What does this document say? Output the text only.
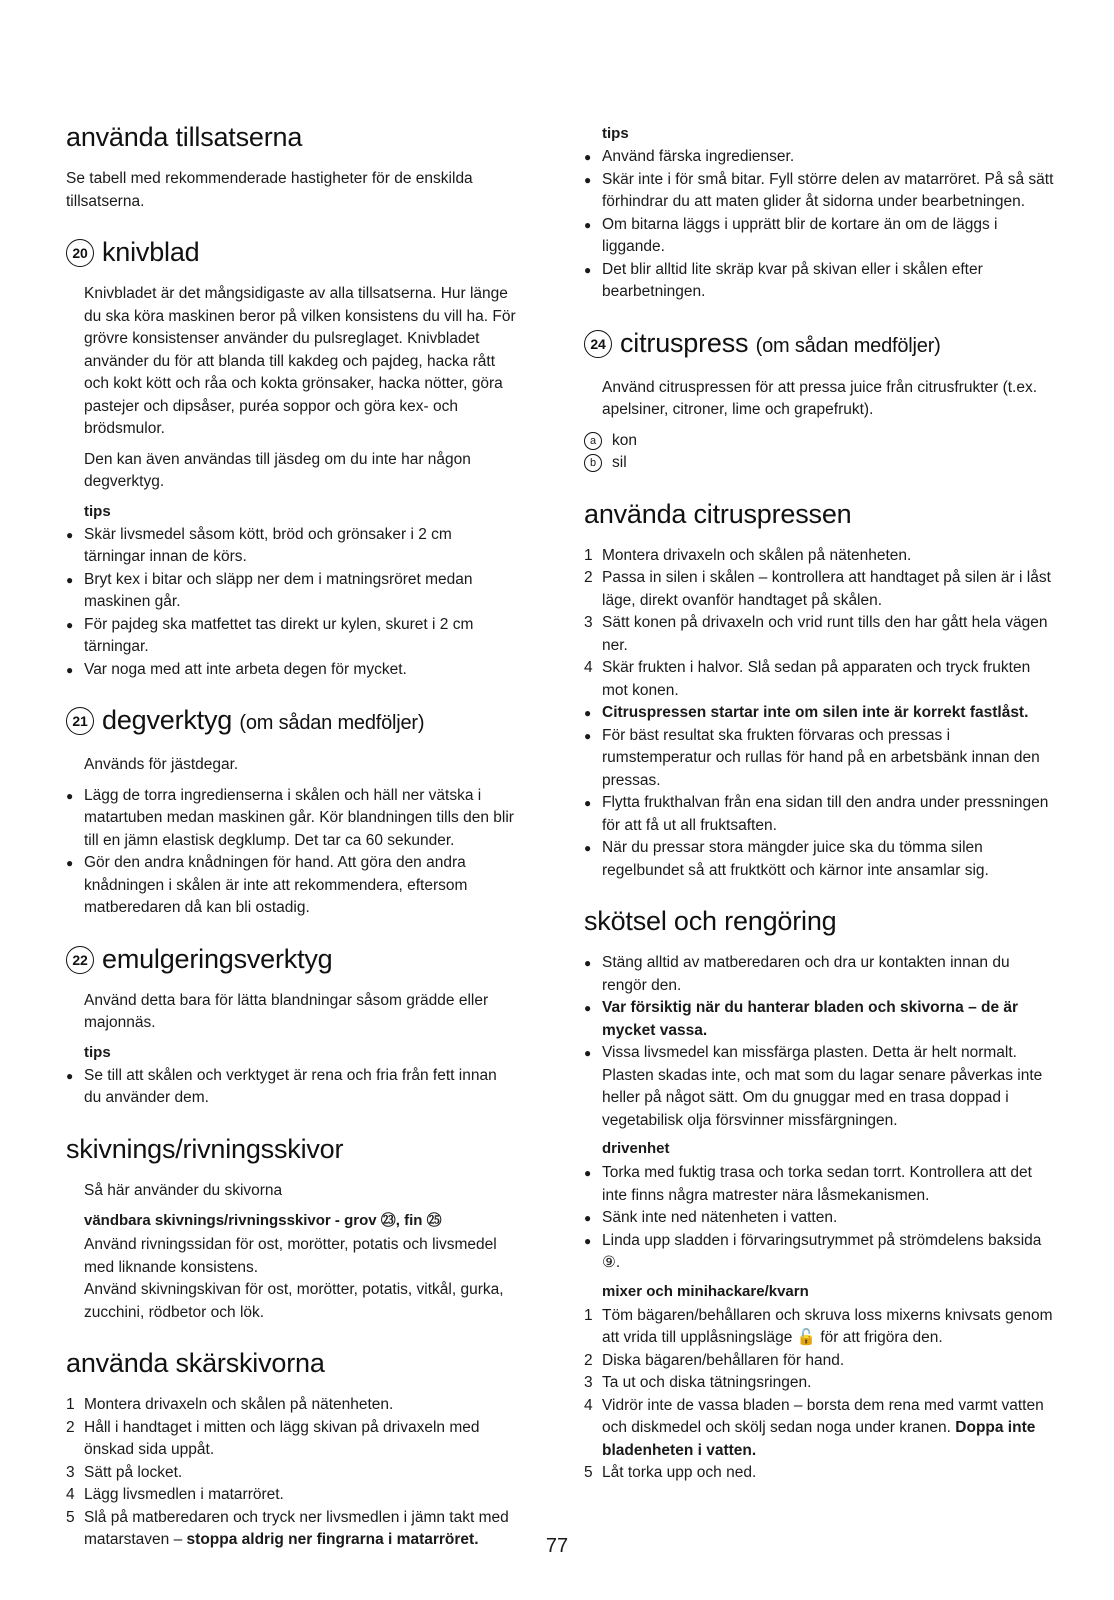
använda tillsatserna

Se tabell med rekommenderade hastigheter för de enskilda tillsatserna.

20 knivblad

Knivbladet är det mångsidigaste av alla tillsatserna. Hur länge du ska köra maskinen beror på vilken konsistens du vill ha. För grövre konsistenser använder du pulsreglaget. Knivbladet använder du för att blanda till kakdeg och pajdeg, hacka rått och kokt kött och råa och kokta grönsaker, hacka nötter, göra pastejer och dipsåser, puréa soppor och göra kex- och brödsmulor.

Den kan även användas till jäsdeg om du inte har någon degverktyg.

tips
● Skär livsmedel såsom kött, bröd och grönsaker i 2 cm tärningar innan de körs.
● Bryt kex i bitar och släpp ner dem i matningsröret medan maskinen går.
● För pajdeg ska matfettet tas direkt ur kylen, skuret i 2 cm tärningar.
● Var noga med att inte arbeta degen för mycket.
21 degverktyg (om sådan medföljer)

Används för jästdegar.

● Lägg de torra ingredienserna i skålen och häll ner vätska i matartuben medan maskinen går. Kör blandningen tills den blir till en jämn elastisk degklump. Det tar ca 60 sekunder.
● Gör den andra knådningen för hand. Att göra den andra knådningen i skålen är inte att rekommendera, eftersom matberedaren då kan bli ostadig.
22 emulgeringsverktyg

Använd detta bara för lätta blandningar såsom grädde eller majonnäs.

tips
● Se till att skålen och verktyget är rena och fria från fett innan du använder dem.
skivnings/rivningsskivor

Så här använder du skivorna

vändbara skivnings/rivningsskivor - grov ㉓, fin ㉕

Använd rivningssidan för ost, morötter, potatis och livsmedel med liknande konsistens.

Använd skivningskivan för ost, morötter, potatis, vitkål, gurka, zucchini, rödbetor och lök.

använda skärskivorna
1 Montera drivaxeln och skålen på nätenheten.
2 Håll i handtaget i mitten och lägg skivan på drivaxeln med önskad sida uppåt.
3 Sätt på locket.
4 Lägg livsmedlen i matarröret.
5 Slå på matberedaren och tryck ner livsmedlen i jämn takt med matarstaven – stoppa aldrig ner fingrarna i matarröret.
tips
● Använd färska ingredienser.
● Skär inte i för små bitar. Fyll större delen av matarröret. På så sätt förhindrar du att maten glider åt sidorna under bearbetningen.
● Om bitarna läggs i upprätt blir de kortare än om de läggs i liggande.
● Det blir alltid lite skräp kvar på skivan eller i skålen efter bearbetningen.
24 citruspress (om sådan medföljer)

Använd citruspressen för att pressa juice från citrusfrukter (t.ex. apelsiner, citroner, lime och grapefrukt).

a kon

b sil

använda citruspressen
1 Montera drivaxeln och skålen på nätenheten.
2 Passa in silen i skålen – kontrollera att handtaget på silen är i låst läge, direkt ovanför handtaget på skålen.
3 Sätt konen på drivaxeln och vrid runt tills den har gått hela vägen ner.
4 Skär frukten i halvor. Slå sedan på apparaten och tryck frukten mot konen.
● Citruspressen startar inte om silen inte är korrekt fastlåst.
● För bäst resultat ska frukten förvaras och pressas i rumstemperatur och rullas för hand på en arbetsbänk innan den pressas.
● Flytta frukthalvan från ena sidan till den andra under pressningen för att få ut all fruktsaften.
● När du pressar stora mängder juice ska du tömma silen regelbundet så att fruktkött och kärnor inte ansamlar sig.
skötsel och rengöring
● Stäng alltid av matberedaren och dra ur kontakten innan du rengör den.
● Var försiktig när du hanterar bladen och skivorna – de är mycket vassa.
● Vissa livsmedel kan missfärga plasten. Detta är helt normalt. Plasten skadas inte, och mat som du lagar senare påverkas inte heller på något sätt. Om du gnuggar med en trasa doppad i vegetabilisk olja försvinner missfärgningen.
drivenhet
● Torka med fuktig trasa och torka sedan torrt. Kontrollera att det inte finns några matrester nära låsmekanismen.
● Sänk inte ned nätenheten i vatten.
● Linda upp sladden i förvaringsutrymmet på strömdelens baksida ⑨.
mixer och minihackare/kvarn
1 Töm bägaren/behållaren och skruva loss mixerns knivsats genom att vrida till upplåsningsläge 🔓 för att frigöra den.
2 Diska bägaren/behållaren för hand.
3 Ta ut och diska tätningsringen.
4 Vidrör inte de vassa bladen – borsta dem rena med varmt vatten och diskmedel och skölj sedan noga under kranen. Doppa inte bladenheten i vatten.
5 Låt torka upp och ned.
77
